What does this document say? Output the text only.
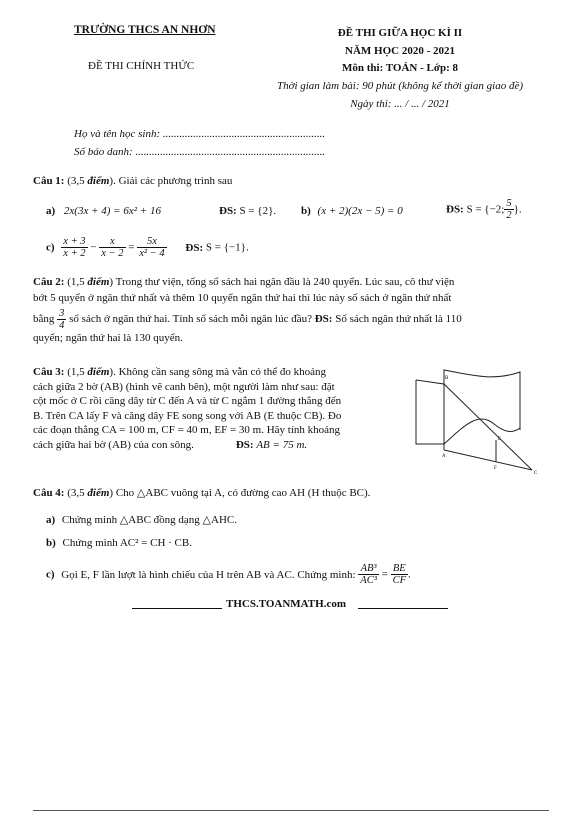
TRƯỜNG THCS AN NHƠN
ĐỀ THI CHÍNH THỨC
ĐỀ THI GIỮA HỌC KÌ II
NĂM HỌC 2020 - 2021
Môn thi: TOÁN - Lớp: 8
Thời gian làm bài: 90 phút (không kể thời gian giao đề)
Ngày thi: ... / ... / 2021
Họ và tên học sinh: ...........................................................
Số báo danh: .....................................................................
Câu 1: (3,5 điểm). Giải các phương trình sau
a) 2x(3x + 4) = 6x² + 16	ĐS: S = {2}. b) (x + 2)(2x − 5) = 0	ĐS: S = {−2; $\frac{5}{2}$ }.
$c) \frac{x + 3}{x + 2} - \frac{x}{x - 2} = \frac{5x}{\text{x² − 4}}$ ĐS: S = {−1}.
Câu 2: (1,5 điểm) Trong thư viện, tổng số sách hai ngăn đầu là 240 quyển. Lúc sau, cô thư viện
bớt 5 quyển ở ngăn thứ nhất và thêm 10 quyển ngăn thứ hai thì lúc này số sách ở ngăn thứ nhất
bằng $\frac{3}{4}$ số sách ở ngăn thứ hai. Tính số sách mỗi ngăn lúc đầu? ĐS: Số sách ngăn thứ nhất là 110
quyển; ngăn thứ hai là 130 quyển.
Câu 3: (1,5 điểm). Không cần sang sông mà vẫn có thể đo khoảng
cách giữa 2 bờ (AB) (hình vẽ canh bên), một người làm như sau: đặt
cột mốc ở C rồi căng dây từ C đến A và từ C ngắm 1 đường thẳng đến
B. Trên CA lấy F và căng dây FE song song với AB (E thuộc CB). Đo
các đoạn thẳng CA = 100 m, CF = 40 m, EF = 30 m. Hãy tính khoảng
cách giữa hai bờ (AB) của con sông.	ĐS: AB = 75 m.
B
A
E
F
C
Câu 4: (3,5 điểm) Cho △ABC vuông tại A, có đường cao AH (H thuộc BC).
a) Chứng minh △ABC đồng dạng △AHC.
b) Chứng minh AC² = CH · CB.
c) Gọi E, F lần lượt là hình chiếu của H trên AB và AC. Chứng minh: $\frac{\text{AB³}}{\text{AC³}} = \frac{BE}{CF}$ .
THCS.TOANMATH.com
